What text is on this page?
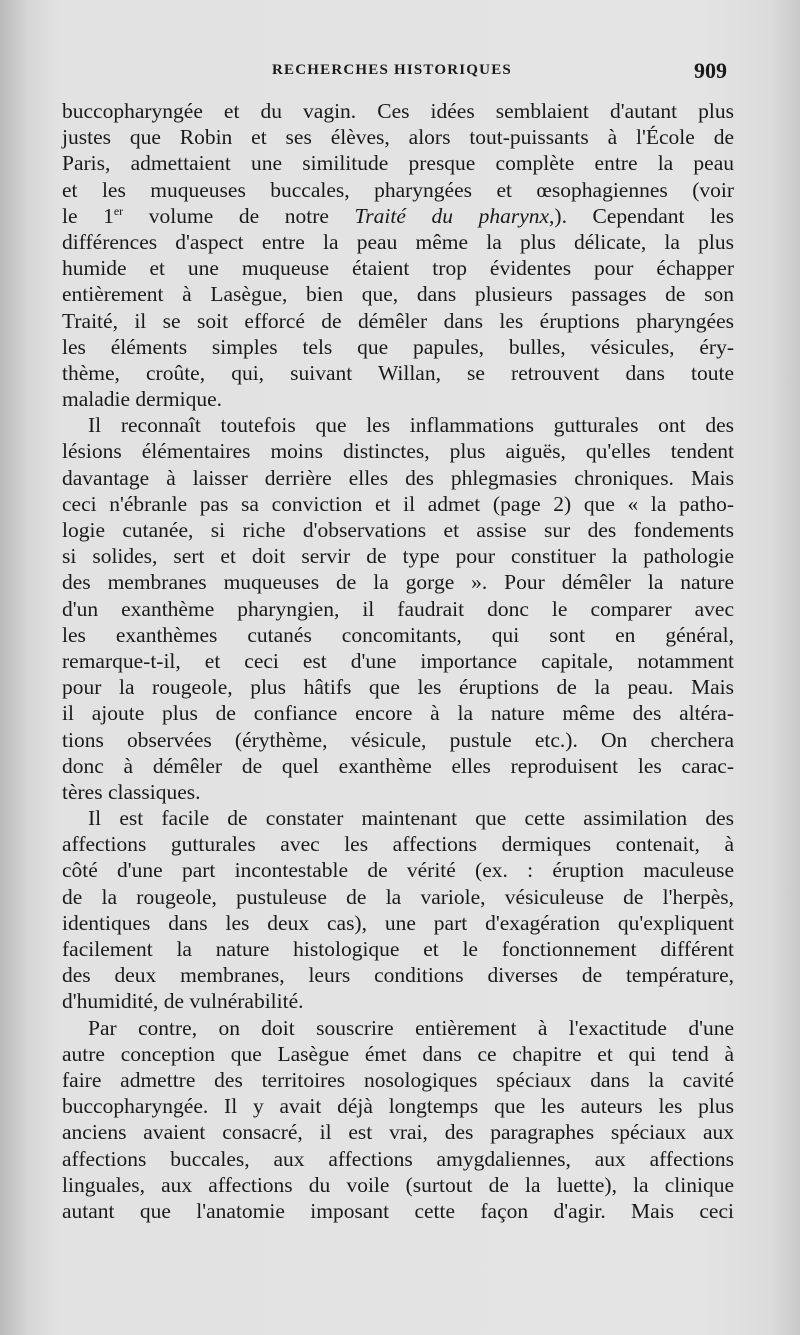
RECHERCHES HISTORIQUES	909
buccopharyngée et du vagin. Ces idées semblaient d'autant plus
justes que Robin et ses élèves, alors tout-puissants à l'École de
Paris, admettaient une similitude presque complète entre la peau
et les muqueuses buccales, pharyngées et œsophagiennes (voir
le 1er volume de notre Traité du pharynx,). Cependant les
différences d'aspect entre la peau même la plus délicate, la plus
humide et une muqueuse étaient trop évidentes pour échapper
entièrement à Lasègue, bien que, dans plusieurs passages de son
Traité, il se soit efforcé de démêler dans les éruptions pharyngées
les éléments simples tels que papules, bulles, vésicules, éry-
thème, croûte, qui, suivant Willan, se retrouvent dans toute
maladie dermique.
Il reconnaît toutefois que les inflammations gutturales ont des
lésions élémentaires moins distinctes, plus aiguës, qu'elles tendent
davantage à laisser derrière elles des phlegmasies chroniques. Mais
ceci n'ébranle pas sa conviction et il admet (page 2) que « la patho-
logie cutanée, si riche d'observations et assise sur des fondements
si solides, sert et doit servir de type pour constituer la pathologie
des membranes muqueuses de la gorge ». Pour démêler la nature
d'un exanthème pharyngien, il faudrait donc le comparer avec
les exanthèmes cutanés concomitants, qui sont en général,
remarque-t-il, et ceci est d'une importance capitale, notamment
pour la rougeole, plus hâtifs que les éruptions de la peau. Mais
il ajoute plus de confiance encore à la nature même des altéra-
tions observées (érythème, vésicule, pustule etc.). On cherchera
donc à démêler de quel exanthème elles reproduisent les carac-
tères classiques.
Il est facile de constater maintenant que cette assimilation des
affections gutturales avec les affections dermiques contenait, à
côté d'une part incontestable de vérité (ex. : éruption maculeuse
de la rougeole, pustuleuse de la variole, vésiculeuse de l'herpès,
identiques dans les deux cas), une part d'exagération qu'expliquent
facilement la nature histologique et le fonctionnement différent
des deux membranes, leurs conditions diverses de température,
d'humidité, de vulnérabilité.
Par contre, on doit souscrire entièrement à l'exactitude d'une
autre conception que Lasègue émet dans ce chapitre et qui tend à
faire admettre des territoires nosologiques spéciaux dans la cavité
buccopharyngée. Il y avait déjà longtemps que les auteurs les plus
anciens avaient consacré, il est vrai, des paragraphes spéciaux aux
affections buccales, aux affections amygdaliennes, aux affections
linguales, aux affections du voile (surtout de la luette), la clinique
autant que l'anatomie imposant cette façon d'agir. Mais ceci
